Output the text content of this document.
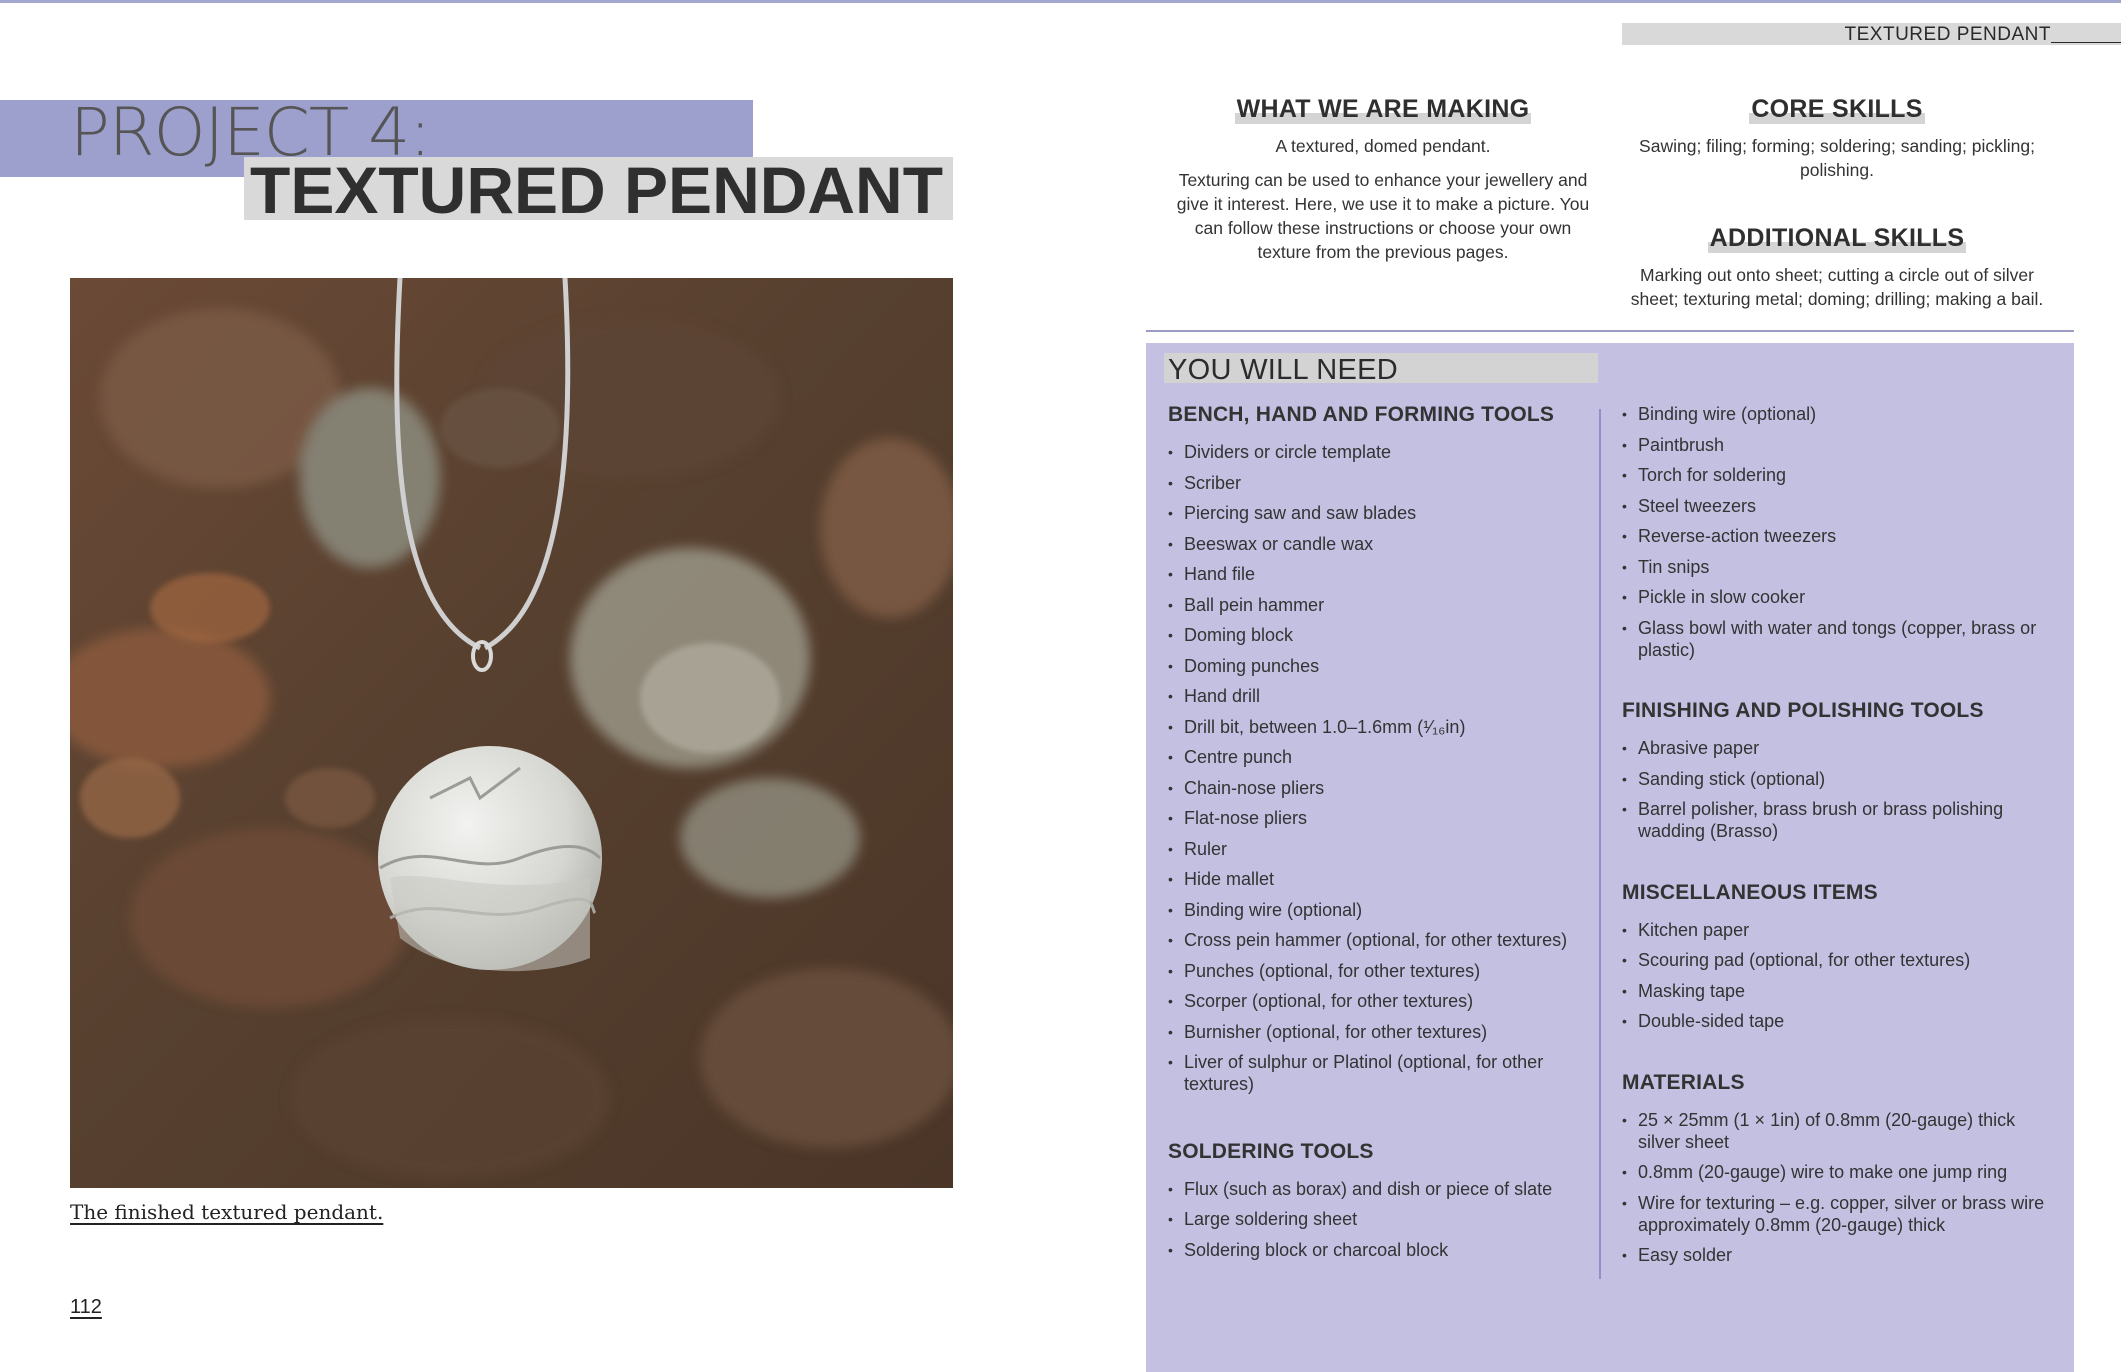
TEXTURED PENDANT
PROJECT 4:
TEXTURED PENDANT

The finished textured pendant.

112

WHAT WE ARE MAKING

A textured, domed pendant.

Texturing can be used to enhance your jewellery and give it interest. Here, we use it to make a picture. You can follow these instructions or choose your own texture from the previous pages.

CORE SKILLS

Sawing; filing; forming; soldering; sanding; pickling; polishing.

ADDITIONAL SKILLS

Marking out onto sheet; cutting a circle out of silver sheet; texturing metal; doming; drilling; making a bail.

YOU WILL NEED
BENCH, HAND AND FORMING TOOLS
• Dividers or circle template
• Scriber
• Piercing saw and saw blades
• Beeswax or candle wax
• Hand file
• Ball pein hammer
• Doming block
• Doming punches
• Hand drill
• Drill bit, between 1.0–1.6mm (¹⁄₁₆in)
• Centre punch
• Chain-nose pliers
• Flat-nose pliers
• Ruler
• Hide mallet
• Binding wire (optional)
• Cross pein hammer (optional, for other textures)
• Punches (optional, for other textures)
• Scorper (optional, for other textures)
• Burnisher (optional, for other textures)
• Liver of sulphur or Platinol (optional, for other textures)
SOLDERING TOOLS
• Flux (such as borax) and dish or piece of slate
• Large soldering sheet
• Soldering block or charcoal block
• Binding wire (optional)
• Paintbrush
• Torch for soldering
• Steel tweezers
• Reverse-action tweezers
• Tin snips
• Pickle in slow cooker
• Glass bowl with water and tongs (copper, brass or plastic)
FINISHING AND POLISHING TOOLS
• Abrasive paper
• Sanding stick (optional)
• Barrel polisher, brass brush or brass polishing wadding (Brasso)
MISCELLANEOUS ITEMS
• Kitchen paper
• Scouring pad (optional, for other textures)
• Masking tape
• Double-sided tape
MATERIALS
• 25 × 25mm (1 × 1in) of 0.8mm (20-gauge) thick silver sheet
• 0.8mm (20-gauge) wire to make one jump ring
• Wire for texturing – e.g. copper, silver or brass wire approximately 0.8mm (20-gauge) thick
• Easy solder
